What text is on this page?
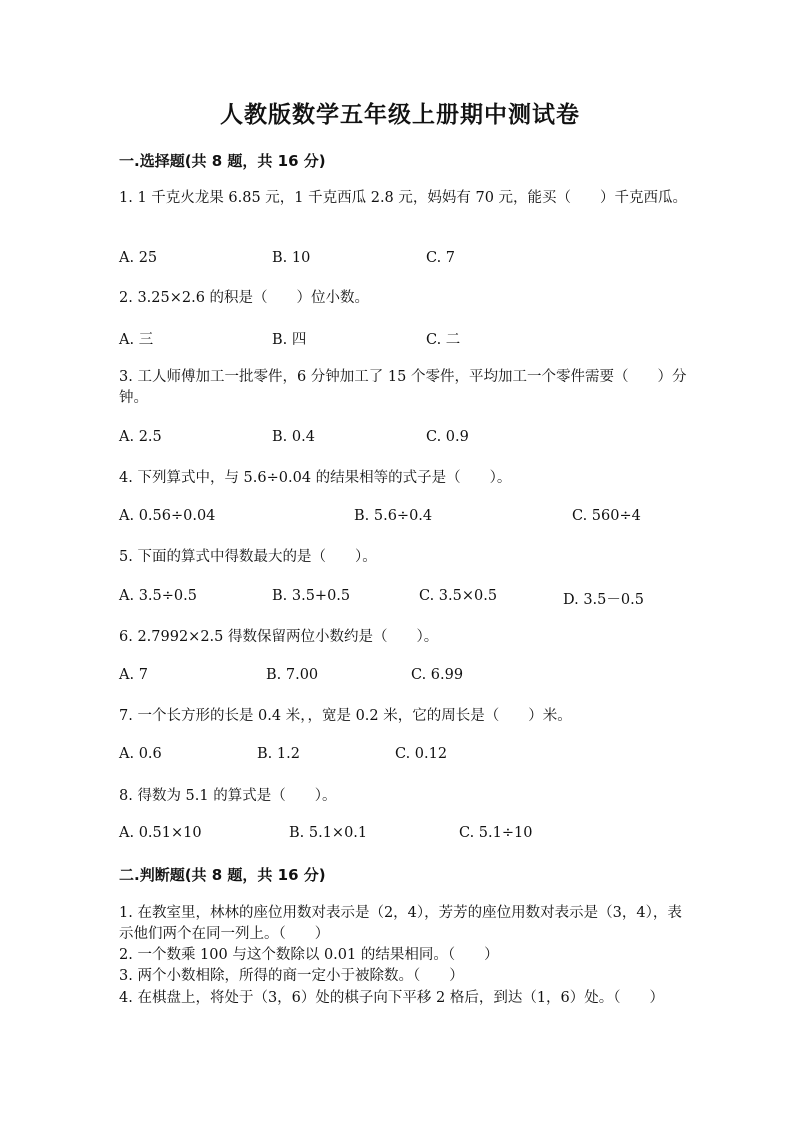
人教版数学五年级上册期中测试卷
一.选择题(共 8 题，共 16 分)
1. 1 千克火龙果 6.85 元，1 千克西瓜 2.8 元，妈妈有 70 元，能买（　　）千克西瓜。
A. 25	B. 10	C. 7
2. 3.25×2.6 的积是（　　）位小数。
A. 三	B. 四	C. 二
3. 工人师傅加工一批零件，6 分钟加工了 15 个零件，平均加工一个零件需要（　　）分钟。
A. 2.5	B. 0.4	C. 0.9
4. 下列算式中，与 5.6÷0.04 的结果相等的式子是（　　）。
A. 0.56÷0.04	B. 5.6÷0.4	C. 560÷4
5. 下面的算式中得数最大的是（　　）。
A. 3.5÷0.5	B. 3.5+0.5	C. 3.5×0.5	D. 3.5－0.5
6. 2.7992×2.5 得数保留两位小数约是（　　）。
A. 7	B. 7.00	C. 6.99
7. 一个长方形的长是 0.4 米，，宽是 0.2 米，它的周长是（　　）米。
A. 0.6	B. 1.2	C. 0.12
8. 得数为 5.1 的算式是（　　）。
A. 0.51×10	B. 5.1×0.1	C. 5.1÷10
二.判断题(共 8 题，共 16 分)
1. 在教室里，林林的座位用数对表示是（2，4），芳芳的座位用数对表示是（3，4），表示他们两个在同一列上。（　　）
2. 一个数乘 100 与这个数除以 0.01 的结果相同。（　　）
3. 两个小数相除，所得的商一定小于被除数。（　　）
4. 在棋盘上，将处于（3，6）处的棋子向下平移 2 格后，到达（1，6）处。（　　）
